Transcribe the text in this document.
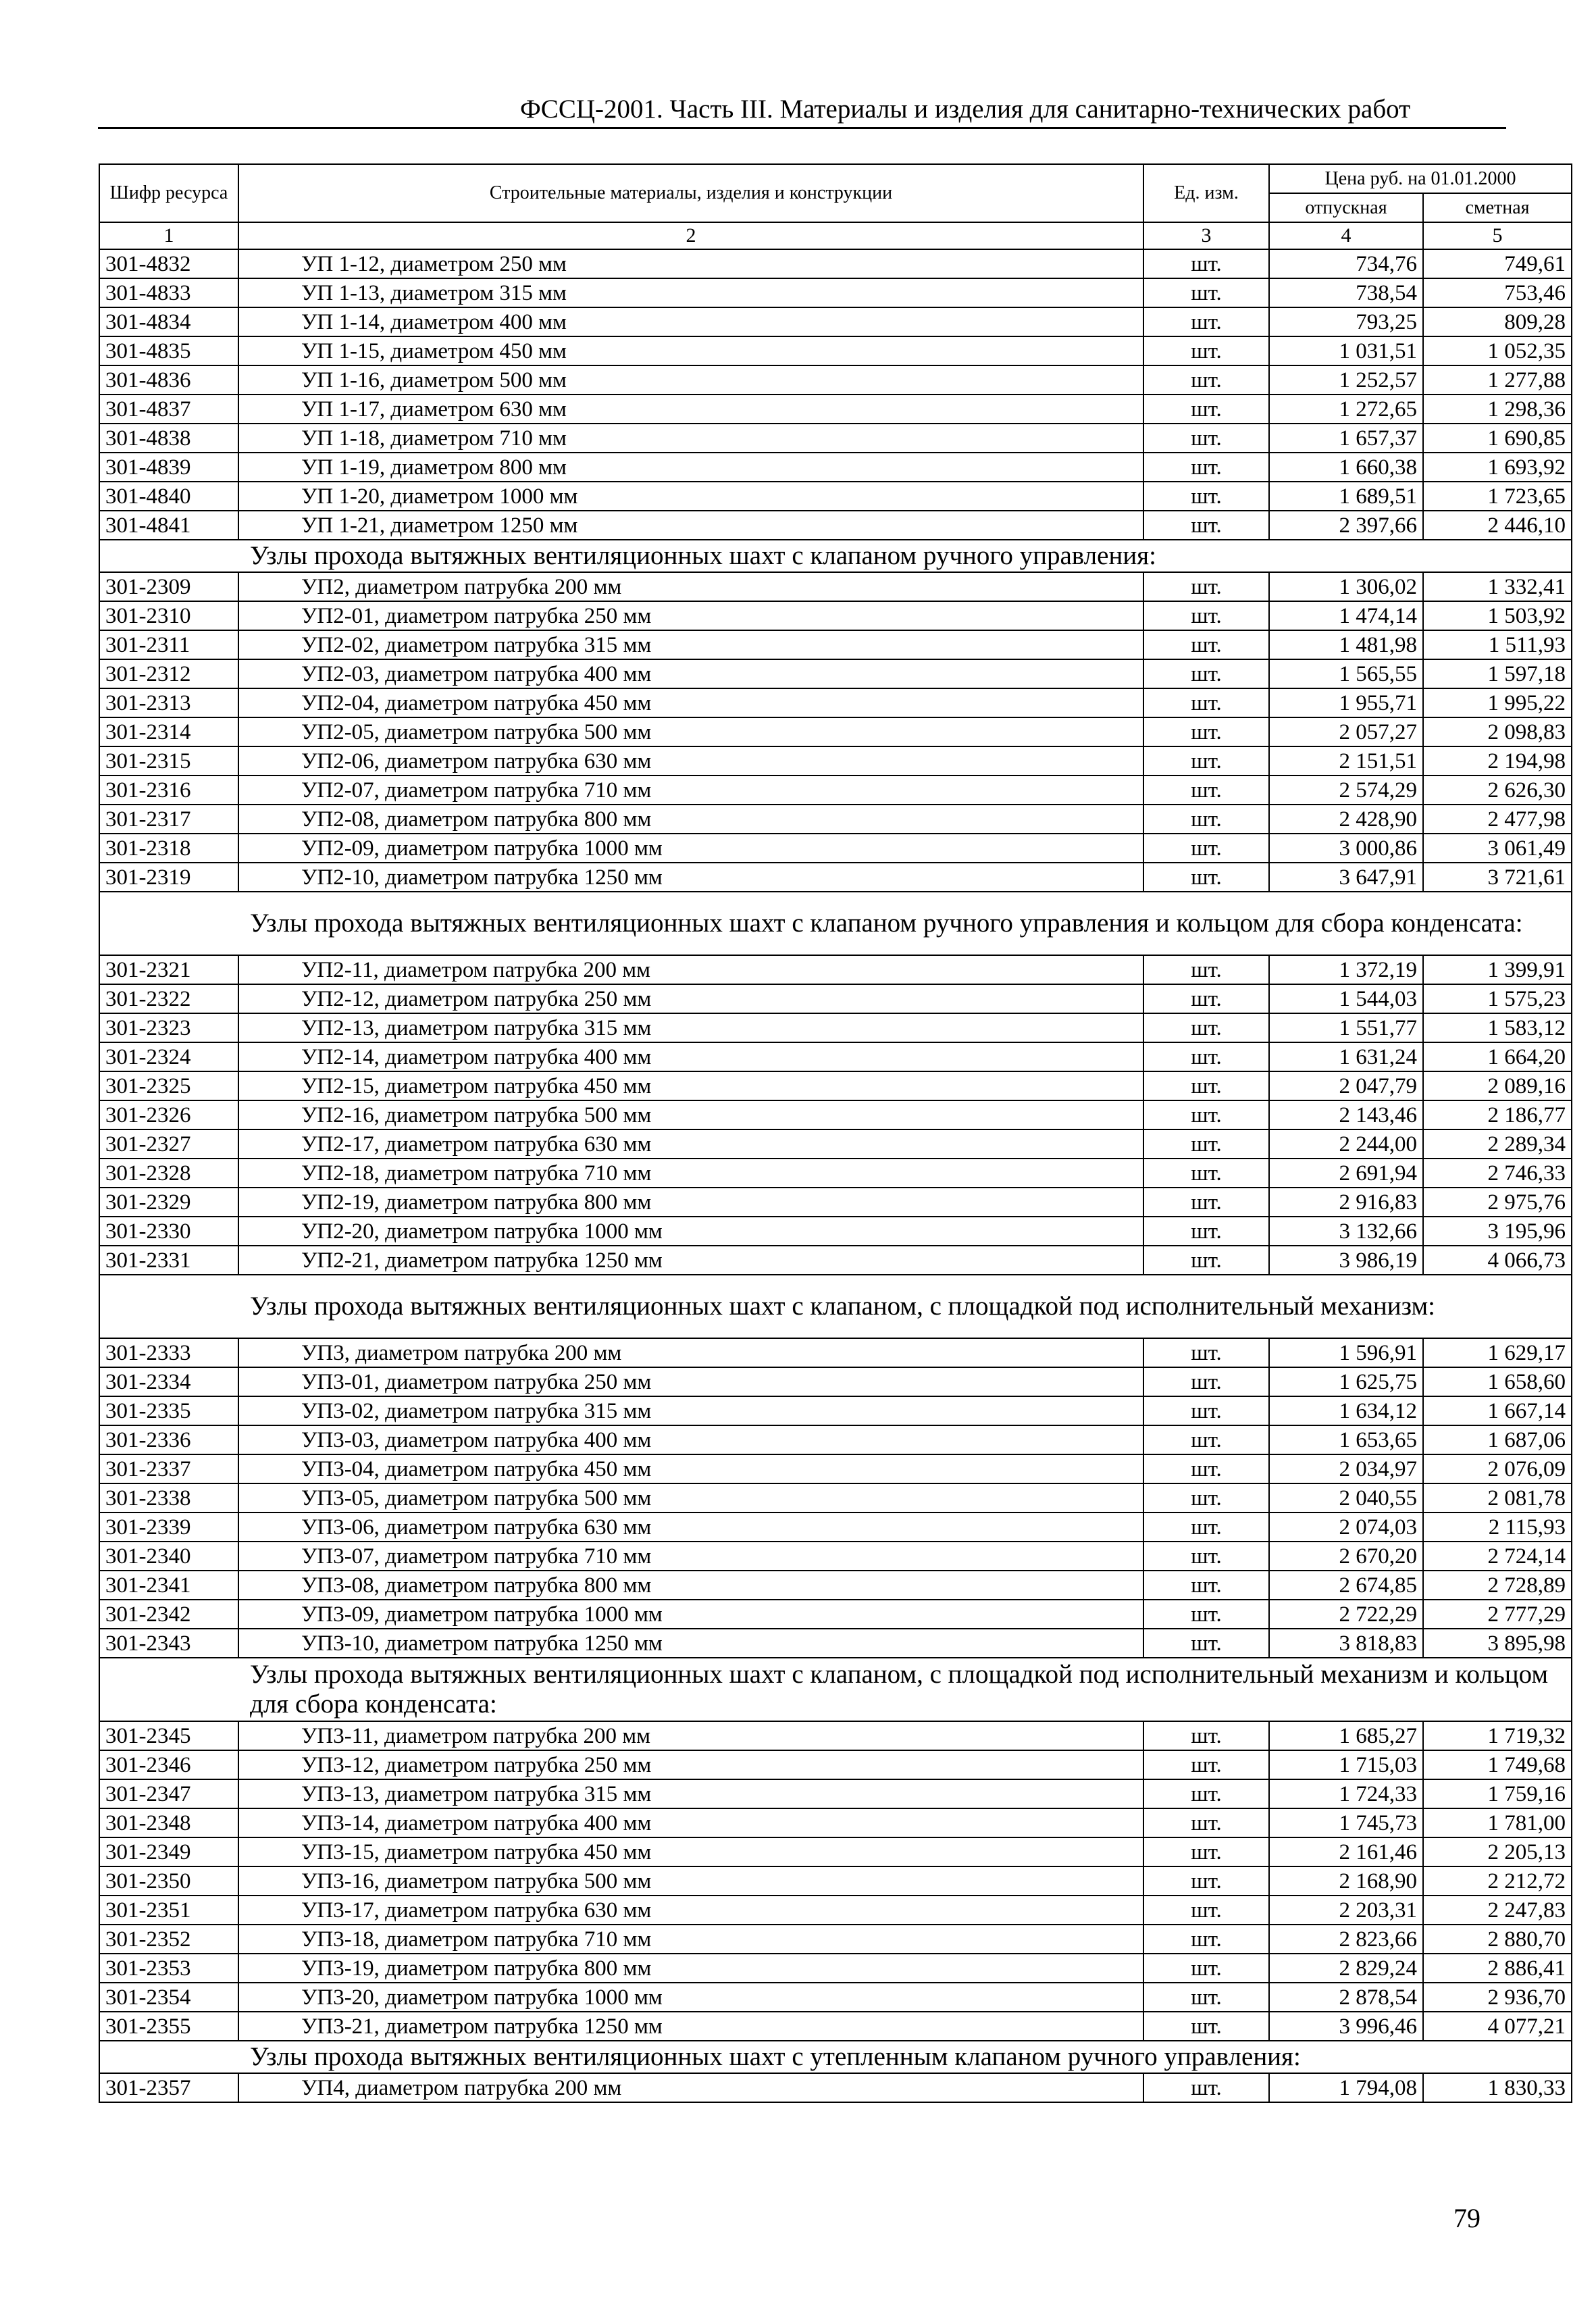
ФССЦ-2001. Часть III. Материалы и изделия для санитарно-технических работ
Шифр ресурса	Строительные материалы, изделия и конструкции	Ед. изм.	Цена руб. на 01.01.2000	
			отпускная	сметная
1	2	3	4	5
301-4832	УП 1-12, диаметром 250 мм	шт.	734,76	749,61
301-4833	УП 1-13, диаметром 315 мм	шт.	738,54	753,46
301-4834	УП 1-14, диаметром 400 мм	шт.	793,25	809,28
301-4835	УП 1-15, диаметром 450 мм	шт.	1 031,51	1 052,35
301-4836	УП 1-16, диаметром 500 мм	шт.	1 252,57	1 277,88
301-4837	УП 1-17, диаметром 630 мм	шт.	1 272,65	1 298,36
301-4838	УП 1-18, диаметром 710 мм	шт.	1 657,37	1 690,85
301-4839	УП 1-19, диаметром 800 мм	шт.	1 660,38	1 693,92
301-4840	УП 1-20, диаметром 1000 мм	шт.	1 689,51	1 723,65
301-4841	УП 1-21, диаметром 1250 мм	шт.	2 397,66	2 446,10
Узлы прохода вытяжных вентиляционных шахт с клапаном ручного управления:				
301-2309	УП2, диаметром патрубка 200 мм	шт.	1 306,02	1 332,41
301-2310	УП2-01, диаметром патрубка 250 мм	шт.	1 474,14	1 503,92
301-2311	УП2-02, диаметром патрубка 315 мм	шт.	1 481,98	1 511,93
301-2312	УП2-03, диаметром патрубка 400 мм	шт.	1 565,55	1 597,18
301-2313	УП2-04, диаметром патрубка 450 мм	шт.	1 955,71	1 995,22
301-2314	УП2-05, диаметром патрубка 500 мм	шт.	2 057,27	2 098,83
301-2315	УП2-06, диаметром патрубка 630 мм	шт.	2 151,51	2 194,98
301-2316	УП2-07, диаметром патрубка 710 мм	шт.	2 574,29	2 626,30
301-2317	УП2-08, диаметром патрубка 800 мм	шт.	2 428,90	2 477,98
301-2318	УП2-09, диаметром патрубка 1000 мм	шт.	3 000,86	3 061,49
301-2319	УП2-10, диаметром патрубка 1250 мм	шт.	3 647,91	3 721,61
Узлы прохода вытяжных вентиляционных шахт с клапаном ручного управления и кольцом для сбора конденсата:				
301-2321	УП2-11, диаметром патрубка 200 мм	шт.	1 372,19	1 399,91
301-2322	УП2-12, диаметром патрубка 250 мм	шт.	1 544,03	1 575,23
301-2323	УП2-13, диаметром патрубка 315 мм	шт.	1 551,77	1 583,12
301-2324	УП2-14, диаметром патрубка 400 мм	шт.	1 631,24	1 664,20
301-2325	УП2-15, диаметром патрубка 450 мм	шт.	2 047,79	2 089,16
301-2326	УП2-16, диаметром патрубка 500 мм	шт.	2 143,46	2 186,77
301-2327	УП2-17, диаметром патрубка 630 мм	шт.	2 244,00	2 289,34
301-2328	УП2-18, диаметром патрубка 710 мм	шт.	2 691,94	2 746,33
301-2329	УП2-19, диаметром патрубка 800 мм	шт.	2 916,83	2 975,76
301-2330	УП2-20, диаметром патрубка 1000 мм	шт.	3 132,66	3 195,96
301-2331	УП2-21, диаметром патрубка 1250 мм	шт.	3 986,19	4 066,73
Узлы прохода вытяжных вентиляционных шахт с клапаном, с площадкой под исполнительный механизм:				
301-2333	УП3, диаметром патрубка 200 мм	шт.	1 596,91	1 629,17
301-2334	УП3-01, диаметром патрубка 250 мм	шт.	1 625,75	1 658,60
301-2335	УП3-02, диаметром патрубка 315 мм	шт.	1 634,12	1 667,14
301-2336	УП3-03, диаметром патрубка 400 мм	шт.	1 653,65	1 687,06
301-2337	УП3-04, диаметром патрубка 450 мм	шт.	2 034,97	2 076,09
301-2338	УП3-05, диаметром патрубка 500 мм	шт.	2 040,55	2 081,78
301-2339	УП3-06, диаметром патрубка 630 мм	шт.	2 074,03	2 115,93
301-2340	УП3-07, диаметром патрубка 710 мм	шт.	2 670,20	2 724,14
301-2341	УП3-08, диаметром патрубка 800 мм	шт.	2 674,85	2 728,89
301-2342	УП3-09, диаметром патрубка 1000 мм	шт.	2 722,29	2 777,29
301-2343	УП3-10, диаметром патрубка 1250 мм	шт.	3 818,83	3 895,98
Узлы прохода вытяжных вентиляционных шахт с клапаном, с площадкой под исполнительный механизм и кольцом для сбора конденсата:				
301-2345	УП3-11, диаметром патрубка 200 мм	шт.	1 685,27	1 719,32
301-2346	УП3-12, диаметром патрубка 250 мм	шт.	1 715,03	1 749,68
301-2347	УП3-13, диаметром патрубка 315 мм	шт.	1 724,33	1 759,16
301-2348	УП3-14, диаметром патрубка 400 мм	шт.	1 745,73	1 781,00
301-2349	УП3-15, диаметром патрубка 450 мм	шт.	2 161,46	2 205,13
301-2350	УП3-16, диаметром патрубка 500 мм	шт.	2 168,90	2 212,72
301-2351	УП3-17, диаметром патрубка 630 мм	шт.	2 203,31	2 247,83
301-2352	УП3-18, диаметром патрубка 710 мм	шт.	2 823,66	2 880,70
301-2353	УП3-19, диаметром патрубка 800 мм	шт.	2 829,24	2 886,41
301-2354	УП3-20, диаметром патрубка 1000 мм	шт.	2 878,54	2 936,70
301-2355	УП3-21, диаметром патрубка 1250 мм	шт.	3 996,46	4 077,21
Узлы прохода вытяжных вентиляционных шахт с утепленным клапаном ручного управления:				
301-2357	УП4, диаметром патрубка 200 мм	шт.	1 794,08	1 830,33
79
